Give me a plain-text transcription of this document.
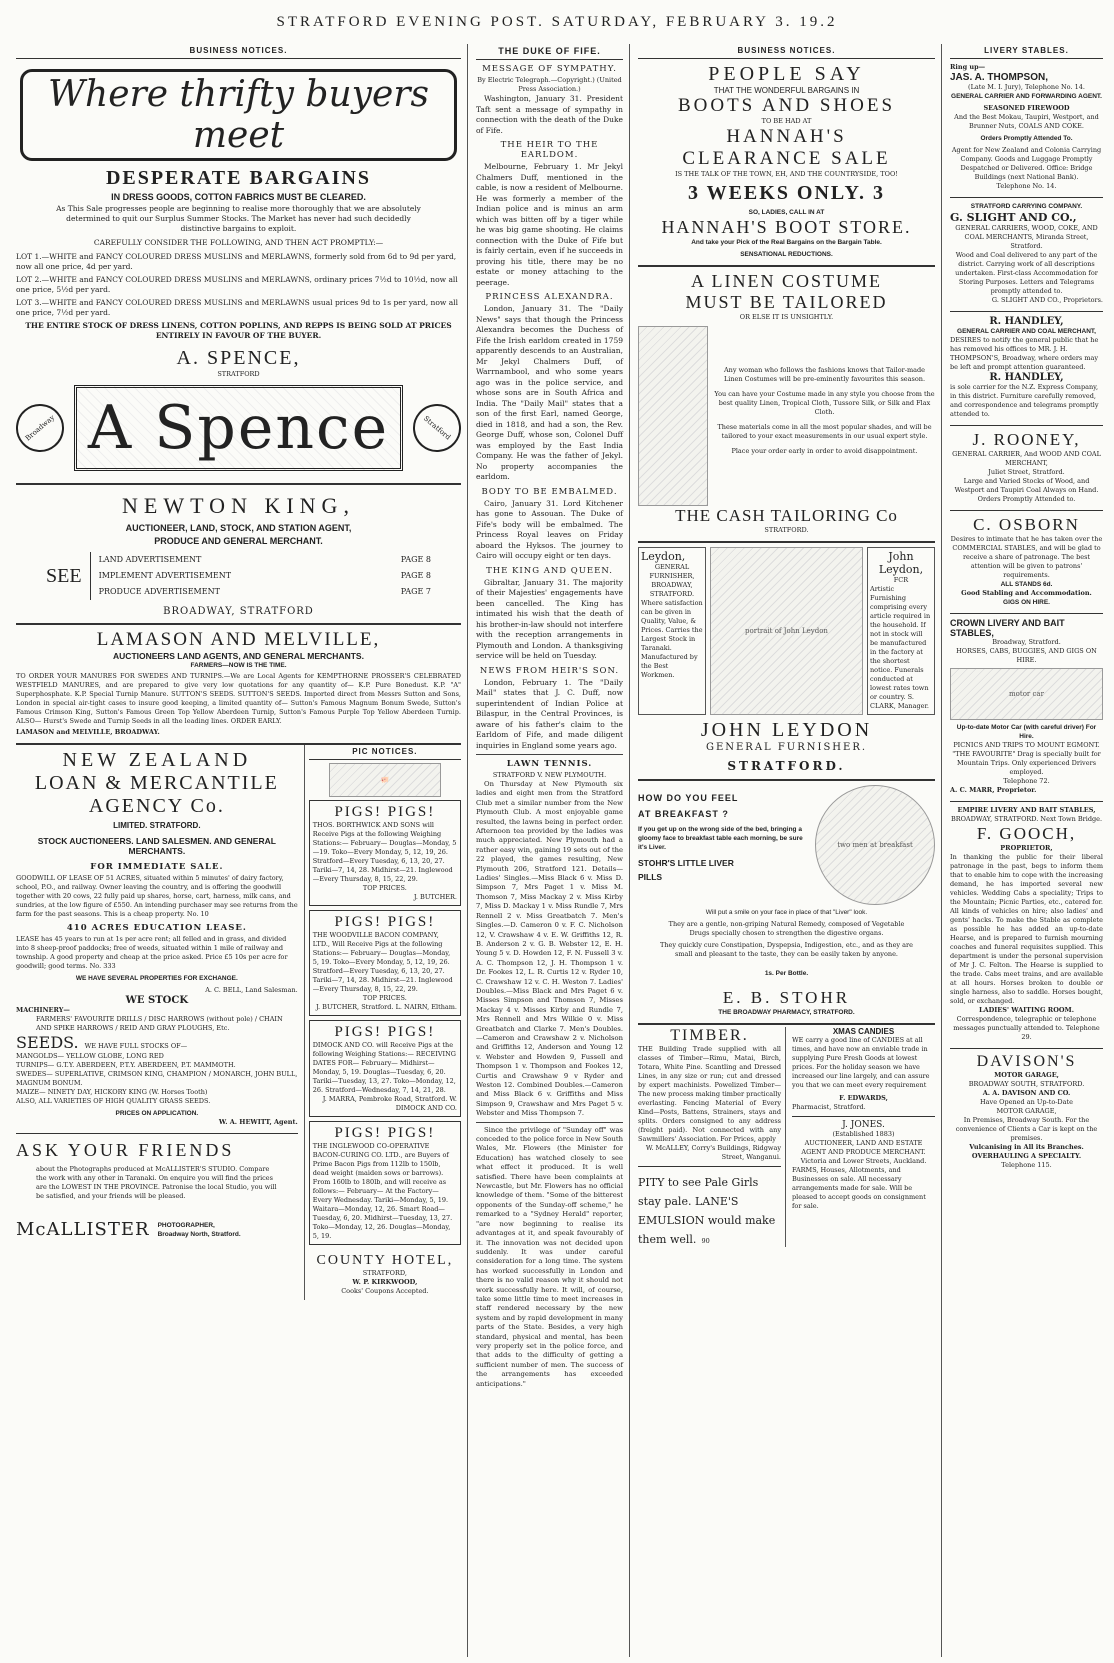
STRATFORD EVENING POST. SATURDAY, FEBRUARY 3. 19.2
BUSINESS NOTICES.
Where thrifty buyers meet
DESPERATE BARGAINS
IN DRESS GOODS, COTTON FABRICS MUST BE CLEARED.
As This Sale progresses people are beginning to realise more thoroughly that we are absolutely determined to quit our Surplus Summer Stocks. The Market has never had such decidedly distinctive bargains to exploit.
CAREFULLY CONSIDER THE FOLLOWING, AND THEN ACT PROMPTLY:—
LOT 1.—WHITE and FANCY COLOURED DRESS MUSLINS and MERLAWNS, formerly sold from 6d to 9d per yard, now all one price, 4d per yard.
LOT 2.—WHITE and FANCY COLOURED DRESS MUSLINS and MERLAWNS, ordinary prices 7½d to 10½d, now all one price, 5½d per yard.
LOT 3.—WHITE and FANCY COLOURED DRESS MUSLINS and MERLAWNS usual prices 9d to 1s per yard, now all one price, 7½d per yard.
THE ENTIRE STOCK OF DRESS LINENS, COTTON POPLINS, AND REPPS IS BEING SOLD AT PRICES ENTIRELY IN FAVOUR OF THE BUYER.
A. SPENCE,
STRATFORD
Broadway A Spence	Stratford
NEWTON KING,
AUCTIONEER, LAND, STOCK, AND STATION AGENT,
PRODUCE AND GENERAL MERCHANT.
SEE
LAND ADVERTISEMENT	PAGE 8
IMPLEMENT ADVERTISEMENT	PAGE 8
PRODUCE ADVERTISEMENT	PAGE 7
BROADWAY, STRATFORD
LAMASON AND MELVILLE,
AUCTIONEERS LAND AGENTS, AND GENERAL MERCHANTS.
FARMERS—NOW IS THE TIME.
TO ORDER YOUR MANURES FOR SWEDES AND TURNIPS.—We are Local Agents for KEMPTHORNE PROSSER'S CELEBRATED WESTFIELD MANURES, and are prepared to give very low quotations for any quantity of— K.P. Pure Bonedust. K.P. "A" Superphosphate. K.P. Special Turnip Manure. SUTTON'S SEEDS. SUTTON'S SEEDS. Imported direct from Messrs Sutton and Sons, London in special air-tight cases to insure good keeping, a limited quantity of— Sutton's Famous Magnum Bonum Swede, Sutton's Famous Crimson King, Sutton's Famous Green Top Yellow Aberdeen Turnip, Sutton's Famous Purple Top Yellow Aberdeen Turnip. ALSO— Hurst's Swede and Turnip Seeds in all the leading lines. ORDER EARLY.
LAMASON and MELVILLE, BROADWAY.
NEW ZEALAND
LOAN & MERCANTILE
AGENCY Co.
LIMITED. STRATFORD.
STOCK AUCTIONEERS. LAND SALESMEN. AND GENERAL MERCHANTS.
FOR IMMEDIATE SALE.
GOODWILL OF LEASE OF 51 ACRES, situated within 5 minutes' of dairy factory, school, P.O., and railway. Owner leaving the country, and is offering the goodwill together with 20 cows, 22 fully paid up shares, horse, cart, harness, milk cans, and sundries, at the low figure of £550. An intending purchaser may see returns from the farm for the past seasons. This is a cheap property. No. 10
410 ACRES EDUCATION LEASE.
LEASE has 45 years to run at 1s per acre rent; all felled and in grass, and divided into 8 sheep-proof paddocks; free of weeds, situated within 1 mile of railway and township. A good property and cheap at the price asked. Price £5 10s per acre for goodwill; good terms. No. 333
WE HAVE SEVERAL PROPERTIES FOR EXCHANGE.
A. C. BELL, Land Salesman.
WE STOCK
MACHINERY—
FARMERS' FAVOURITE DRILLS / DISC HARROWS (without pole) / CHAIN AND SPIKE HARROWS / REID AND GRAY PLOUGHS, Etc.
SEEDS. WE HAVE FULL STOCKS OF—
MANGOLDS— YELLOW GLOBE, LONG RED
TURNIPS— G.T.Y. ABERDEEN, P.T.Y. ABERDEEN, P.T. MAMMOTH.
SWEDES— SUPERLATIVE, CRIMSON KING, CHAMPION / MONARCH, JOHN BULL, MAGNUM BONUM.
MAIZE— NINETY DAY, HICKORY KING (W. Horses Tooth)
ALSO, ALL VARIETIES OF HIGH QUALITY GRASS SEEDS.
PRICES ON APPLICATION.
W. A. HEWITT, Agent.
ASK YOUR FRIENDS
about the Photographs produced at McALLISTER'S STUDIO. Compare the work with any other in Taranaki. On enquire you will find the prices are the LOWEST IN THE PROVINCE. Patronise the local Studio, you will be satisfied, and your friends will be pleased.
McALLISTER PHOTOGRAPHER,
Broadway North, Stratford.
PIC NOTICES.
🐖
PIGS! PIGS!
THOS. BORTHWICK AND SONS will Receive Pigs at the following Weighing Stations:— February— Douglas—Monday, 5—19. Toko—Every Monday, 5, 12, 19, 26. Stratford—Every Tuesday, 6, 13, 20, 27. Tariki—7, 14, 28. Midhirst—21. Inglewood—Every Thursday, 8, 15, 22, 29.
TOP PRICES.
J. BUTCHER.
PIGS! PIGS!
THE WOODVILLE BACON COMPANY, LTD., Will Receive Pigs at the following Stations:— February— Douglas—Monday, 5, 19. Toko—Every Monday, 5, 12, 19, 26. Stratford—Every Tuesday, 6, 13, 20, 27. Tariki—7, 14, 28. Midhirst—21. Inglewood—Every Thursday, 8, 15, 22, 29.
TOP PRICES.
J. BUTCHER, Stratford. L. NAIRN, Eltham.
PIGS! PIGS!
DIMOCK AND CO. will Receive Pigs at the following Weighing Stations:— RECEIVING DATES FOR— February— Midhirst—Monday, 5, 19. Douglas—Tuesday, 6, 20. Tariki—Tuesday, 13, 27. Toko—Monday, 12, 26. Stratford—Wednesday, 7, 14, 21, 28.
J. MARRA, Pembroke Road, Stratford. W. DIMOCK AND CO.
PIGS! PIGS!
THE INGLEWOOD CO-OPERATIVE BACON-CURING CO. LTD., are Buyers of Prime Bacon Pigs from 112lb to 150lb, dead weight (maiden sows or barrows). From 160lb to 180lb, and will receive as follows:— February— At the Factory—Every Wednesday. Tariki—Monday, 5, 19. Waitara—Monday, 12, 26. Smart Road—Tuesday, 6, 20. Midhirst—Tuesday, 13, 27. Toko—Monday, 12, 26. Douglas—Monday, 5, 19.
COUNTY HOTEL,
STRATFORD,
W. P. KIRKWOOD,
Cooks' Coupons Accepted.
THE DUKE OF FIFE.
MESSAGE OF SYMPATHY.
By Electric Telegraph.—Copyright.) (United Press Association.)
Washington, January 31. President Taft sent a message of sympathy in connection with the death of the Duke of Fife.
THE HEIR TO THE EARLDOM.
Melbourne, February 1. Mr Jekyl Chalmers Duff, mentioned in the cable, is now a resident of Melbourne. He was formerly a member of the Indian police and is minus an arm which was bitten off by a tiger while he was big game shooting. He claims connection with the Duke of Fife but is fairly certain, even if he succeeds in proving his title, there may be no estate or money attaching to the peerage.
PRINCESS ALEXANDRA.
London, January 31. The "Daily News" says that though the Princess Alexandra becomes the Duchess of Fife the Irish earldom created in 1759 apparently descends to an Australian, Mr Jekyl Chalmers Duff, of Warrnambool, and who some years ago was in the police service, and whose sons are in South Africa and India. The "Daily Mail" states that a son of the first Earl, named George, died in 1818, and had a son, the Rev. George Duff, whose son, Colonel Duff was employed by the East India Company. He was the father of Jekyl. No property accompanies the earldom.
BODY TO BE EMBALMED.
Cairo, January 31. Lord Kitchener has gone to Assouan. The Duke of Fife's body will be embalmed. The Princess Royal leaves on Friday aboard the Hyksos. The journey to Cairo will occupy eight or ten days.
THE KING AND QUEEN.
Gibraltar, January 31. The majority of their Majesties' engagements have been cancelled. The King has intimated his wish that the death of his brother-in-law should not interfere with the reception arrangements in Plymouth and London. A thanksgiving service will be held on Tuesday.
NEWS FROM HEIR'S SON.
London, February 1. The "Daily Mail" states that J. C. Duff, now superintendent of Indian Police at Bilaspur, in the Central Provinces, is aware of his father's claim to the Earldom of Fife, and made diligent inquiries in England some years ago.
LAWN TENNIS.
STRATFORD V. NEW PLYMOUTH.
On Thursday at New Plymouth six ladies and eight men from the Stratford Club met a similar number from the New Plymouth Club. A most enjoyable game resulted, the lawns being in perfect order. Afternoon tea provided by the ladies was much appreciated. New Plymouth had a rather easy win, gaining 19 sets out of the 22 played, the games resulting, New Plymouth 206, Stratford 121. Details— Ladies' Singles.—Miss Black 6 v. Miss D. Simpson 7, Mrs Paget 1 v. Miss M. Thomson 7, Miss Mackay 2 v. Miss Kirby 7, Miss D. Mackay 1 v. Miss Rundle 7, Mrs Rennell 2 v. Miss Greatbatch 7. Men's Singles.—D. Cameron 0 v. F. C. Nicholson 12, V. Crawshaw 4 v. E. W. Griffiths 12, R. B. Anderson 2 v. G. B. Webster 12, E. H. Young 5 v. D. Howden 12, F. N. Fussell 3 v. A. C. Thompson 12, J. H. Thompson 1 v. Dr. Fookes 12, L. R. Curtis 12 v. Ryder 10, C. Crawshaw 12 v. C. H. Weston 7. Ladies' Doubles.—Miss Black and Mrs Paget 6 v. Misses Simpson and Thomson 7, Misses Mackay 4 v. Misses Kirby and Rundle 7, Mrs Rennell and Mrs Wilkie 0 v. Miss Greatbatch and Clarke 7. Men's Doubles.—Cameron and Crawshaw 2 v. Nicholson and Griffiths 12, Anderson and Young 12 v. Webster and Howden 9, Fussell and Thompson 1 v. Thompson and Fookes 12, Curtis and Crawshaw 9 v Ryder and Weston 12. Combined Doubles.—Cameron and Miss Black 6 v. Griffiths and Miss Simpson 9, Crawshaw and Mrs Paget 5 v. Webster and Miss Thompson 7.
Since the privilege of "Sunday off" was conceded to the police force in New South Wales, Mr. Flowers (the Minister for Education) has watched closely to see what effect it produced. It is well satisfied. There have been complaints at Newcastle, but Mr. Flowers has no official knowledge of them. "Some of the bitterest opponents of the Sunday-off scheme," he remarked to a "Sydney Herald" reporter, "are now beginning to realise its advantages at it, and speak favourably of it. The innovation was not decided upon suddenly. It was under careful consideration for a long time. The system has worked successfully in London and there is no valid reason why it should not work successfully here. It will, of course, take some little time to meet increases in staff rendered necessary by the new system and by rapid development in many parts of the State. Besides, a very high standard, physical and mental, has been very properly set in the police force, and that adds to the difficulty of getting a sufficient number of men. The success of the arrangements has exceeded anticipations."
BUSINESS NOTICES.
PEOPLE SAY
THAT THE WONDERFUL BARGAINS IN
BOOTS AND SHOES
TO BE HAD AT
HANNAH'S
CLEARANCE SALE
IS THE TALK OF THE TOWN, EH, AND THE COUNTRYSIDE, TOO!
3 WEEKS ONLY. 3
SO, LADIES, CALL IN AT
HANNAH'S BOOT STORE.
And take your Pick of the Real Bargains on the Bargain Table.
SENSATIONAL REDUCTIONS.
A LINEN COSTUME
MUST BE TAILORED
OR ELSE IT IS UNSIGHTLY.
Any woman who follows the fashions knows that Tailor-made Linen Costumes will be pre-eminently favourites this season.
You can have your Costume made in any style you choose from the best quality Linen, Tropical Cloth, Tussore Silk, or Silk and Flax Cloth.
These materials come in all the most popular shades, and will be tailored to your exact measurements in our usual expert style.
Place your order early in order to avoid disappointment.
THE CASH TAILORING Co
STRATFORD.
Leydon,
GENERAL FURNISHER,
BROADWAY, STRATFORD.
Where satisfaction can be given in Quality, Value, & Prices. Carries the Largest Stock in Taranaki. Manufactured by the Best Workmen.
portrait of John Leydon
John Leydon,
FCR
Artistic Furnishing comprising every article required in the household. If not in stock will be manufactured in the factory at the shortest notice. Funerals conducted at lowest rates town or country. S. CLARK, Manager.
JOHN LEYDON
GENERAL FURNISHER.
STRATFORD.
HOW DO YOU FEEL
AT BREAKFAST ?
If you get up on the wrong side of the bed, bringing a gloomy face to breakfast table each morning, be sure it's Liver.
STOHR'S LITTLE LIVER
PILLS
two men at breakfast
Will put a smile on your face in place of that "Liver" look.
They are a gentle, non-griping Natural Remedy, composed of Vegetable Drugs specially chosen to strengthen the digestive organs.
They quickly cure Constipation, Dyspepsia, Indigestion, etc., and as they are small and pleasant to the taste, they can be easily taken by anyone.
1s. Per Bottle.
E. B. STOHR
THE BROADWAY PHARMACY, STRATFORD.
TIMBER.
THE Building Trade supplied with all classes of Timber—Rimu, Matai, Birch, Totara, White Pine. Scantling and Dressed Lines, in any size or run; cut and dressed by expert machinists. Powelized Timber—The new process making timber practically everlasting. Fencing Material of Every Kind—Posts, Battens, Strainers, stays and splits. Orders consigned to any address (freight paid). Not connected with any Sawmillers' Association. For Prices, apply
W. McALLEY, Corry's Buildings, Ridgway Street, Wanganui.
PITY to see Pale Girls stay pale. LANE'S EMULSION would make them well. 90
XMAS CANDIES
WE carry a good line of CANDIES at all times, and have now an enviable trade in supplying Pure Fresh Goods at lowest prices. For the holiday season we have increased our line largely, and can assure you that we can meet every requirement
F. EDWARDS,
Pharmacist, Stratford.
J. JONES.
(Established 1883)
AUCTIONEER, LAND AND ESTATE AGENT AND PRODUCE MERCHANT.
Victoria and Lower Streets, Auckland.
FARMS, Houses, Allotments, and Businesses on sale. All necessary arrangements made for sale. Will be pleased to accept goods on consignment for sale.
LIVERY STABLES.
Ring up—
JAS. A. THOMPSON,
(Late M. I. Jury), Telephone No. 14.
GENERAL CARRIER AND FORWARDING AGENT.
SEASONED FIREWOOD
And the Best Mokau, Taupiri, Westport, and Brunner Nuts, COALS AND COKE.
Orders Promptly Attended To.
Agent for New Zealand and Colonia Carrying Company. Goods and Luggage Promptly Despatched or Delivered. Office: Bridge Buildings (next National Bank).
Telephone No. 14.
STRATFORD CARRYING COMPANY.
G. SLIGHT AND CO.,
GENERAL CARRIERS, WOOD, COKE, AND COAL MERCHANTS, Miranda Street, Stratford.
Wood and Coal delivered to any part of the district. Carrying work of all descriptions undertaken. First-class Accommodation for Storing Purposes. Letters and Telegrams promptly attended to.
G. SLIGHT AND CO., Proprietors.
R. HANDLEY,
GENERAL CARRIER AND COAL MERCHANT,
DESIRES to notify the general public that he has removed his offices to MR. J. H. THOMPSON'S, Broadway, where orders may be left and prompt attention guaranteed.
R. HANDLEY,
is sole carrier for the N.Z. Express Company, in this district. Furniture carefully removed, and correspondence and telegrams promptly attended to.
J. ROONEY,
GENERAL CARRIER, And WOOD AND COAL MERCHANT,
Juliet Street, Stratford.
Large and Varied Stocks of Wood, and Westport and Taupiri Coal Always on Hand.
Orders Promptly Attended to.
C. OSBORN
Desires to intimate that he has taken over the COMMERCIAL STABLES, and will be glad to receive a share of patronage. The best attention will be given to patrons' requirements.
ALL STANDS 6d.
Good Stabling and Accommodation.
GIGS ON HIRE.
CROWN LIVERY AND BAIT STABLES,
Broadway, Stratford.
HORSES, CABS, BUGGIES, AND GIGS ON HIRE.
motor car
Up-to-date Motor Car (with careful driver) For Hire.
PICNICS AND TRIPS TO MOUNT EGMONT.
"THE FAVOURITE" Drag is specially built for Mountain Trips. Only experienced Drivers employed.
Telephone 72.
A. C. MARR, Proprietor.
EMPIRE LIVERY AND BAIT STABLES,
BROADWAY, STRATFORD. Next Town Bridge.
F. GOOCH,
PROPRIETOR,
In thanking the public for their liberal patronage in the past, begs to inform them that to enable him to cope with the increasing demand, he has imported several new vehicles. Wedding Cabs a speciality; Trips to the Mountain; Picnic Parties, etc., catered for. All kinds of vehicles on hire; also ladies' and gents' hacks. To make the Stable as complete as possible he has added an up-to-date Hearse, and is prepared to furnish mourning coaches and funeral requisites supplied. This department is under the personal supervision of Mr J. C. Felton. The Hearse is supplied to the trade. Cabs meet trains, and are available at all hours. Horses broken to double or single harness, also to saddle. Horses bought, sold, or exchanged.
LADIES' WAITING ROOM.
Correspondence, telegraphic or telephone messages punctually attended to. Telephone 29.
DAVISON'S
MOTOR GARAGE,
BROADWAY SOUTH, STRATFORD.
A. A. DAVISON AND CO.
Have Opened an Up-to-Date
MOTOR GARAGE,
In Premises, Broadway South. For the convenience of Clients a Car is kept on the premises.
Vulcanising in All its Branches. OVERHAULING A SPECIALTY.
Telephone 115.
